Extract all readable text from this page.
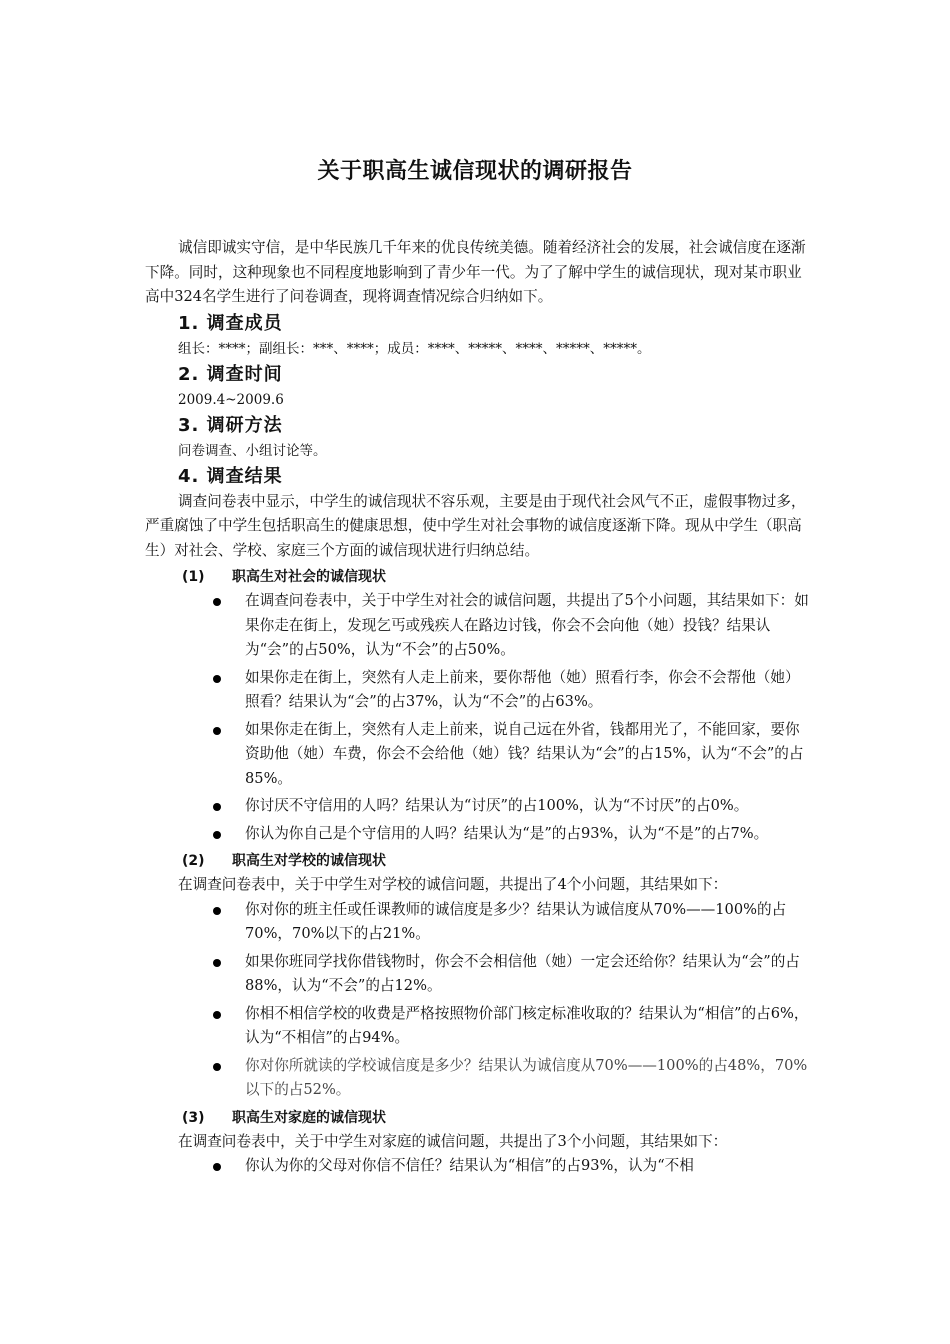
关于职高生诚信现状的调研报告

诚信即诚实守信，是中华民族几千年来的优良传统美德。随着经济社会的发展，社会诚信度在逐渐下降。同时，这种现象也不同程度地影响到了青少年一代。为了了解中学生的诚信现状，现对某市职业高中324名学生进行了问卷调查，现将调查情况综合归纳如下。

1. 调查成员

组长：****；副组长：***、****；成员：****、*****、****、*****、*****。

2. 调查时间

2009.4~2009.6

3. 调研方法

问卷调查、小组讨论等。

4. 调查结果

调查问卷表中显示，中学生的诚信现状不容乐观，主要是由于现代社会风气不正，虚假事物过多，严重腐蚀了中学生包括职高生的健康思想，使中学生对社会事物的诚信度逐渐下降。现从中学生（职高生）对社会、学校、家庭三个方面的诚信现状进行归纳总结。

(1) 职高生对社会的诚信现状
在调查问卷表中，关于中学生对社会的诚信问题，共提出了5个小问题，其结果如下：如果你走在街上，发现乞丐或残疾人在路边讨钱，你会不会向他（她）投钱？结果认为“会”的占50%，认为“不会”的占50%。
如果你走在街上，突然有人走上前来，要你帮他（她）照看行李，你会不会帮他（她）照看？结果认为“会”的占37%，认为“不会”的占63%。
如果你走在街上，突然有人走上前来，说自己远在外省，钱都用光了，不能回家，要你资助他（她）车费，你会不会给他（她）钱？结果认为“会”的占15%，认为“不会”的占85%。
你讨厌不守信用的人吗？结果认为“讨厌”的占100%，认为“不讨厌”的占0%。
你认为你自己是个守信用的人吗？结果认为“是”的占93%，认为“不是”的占7%。
(2) 职高生对学校的诚信现状

在调查问卷表中，关于中学生对学校的诚信问题，共提出了4个小问题，其结果如下：

你对你的班主任或任课教师的诚信度是多少？结果认为诚信度从70%——100%的占70%，70%以下的占21%。
如果你班同学找你借钱物时，你会不会相信他（她）一定会还给你？结果认为“会”的占88%，认为“不会”的占12%。
你相不相信学校的收费是严格按照物价部门核定标准收取的？结果认为“相信”的占6%，认为“不相信”的占94%。
你对你所就读的学校诚信度是多少？结果认为诚信度从70%——100%的占48%，70%以下的占52%。
(3) 职高生对家庭的诚信现状

在调查问卷表中，关于中学生对家庭的诚信问题，共提出了3个小问题，其结果如下：

你认为你的父母对你信不信任？结果认为“相信”的占93%，认为“不相
